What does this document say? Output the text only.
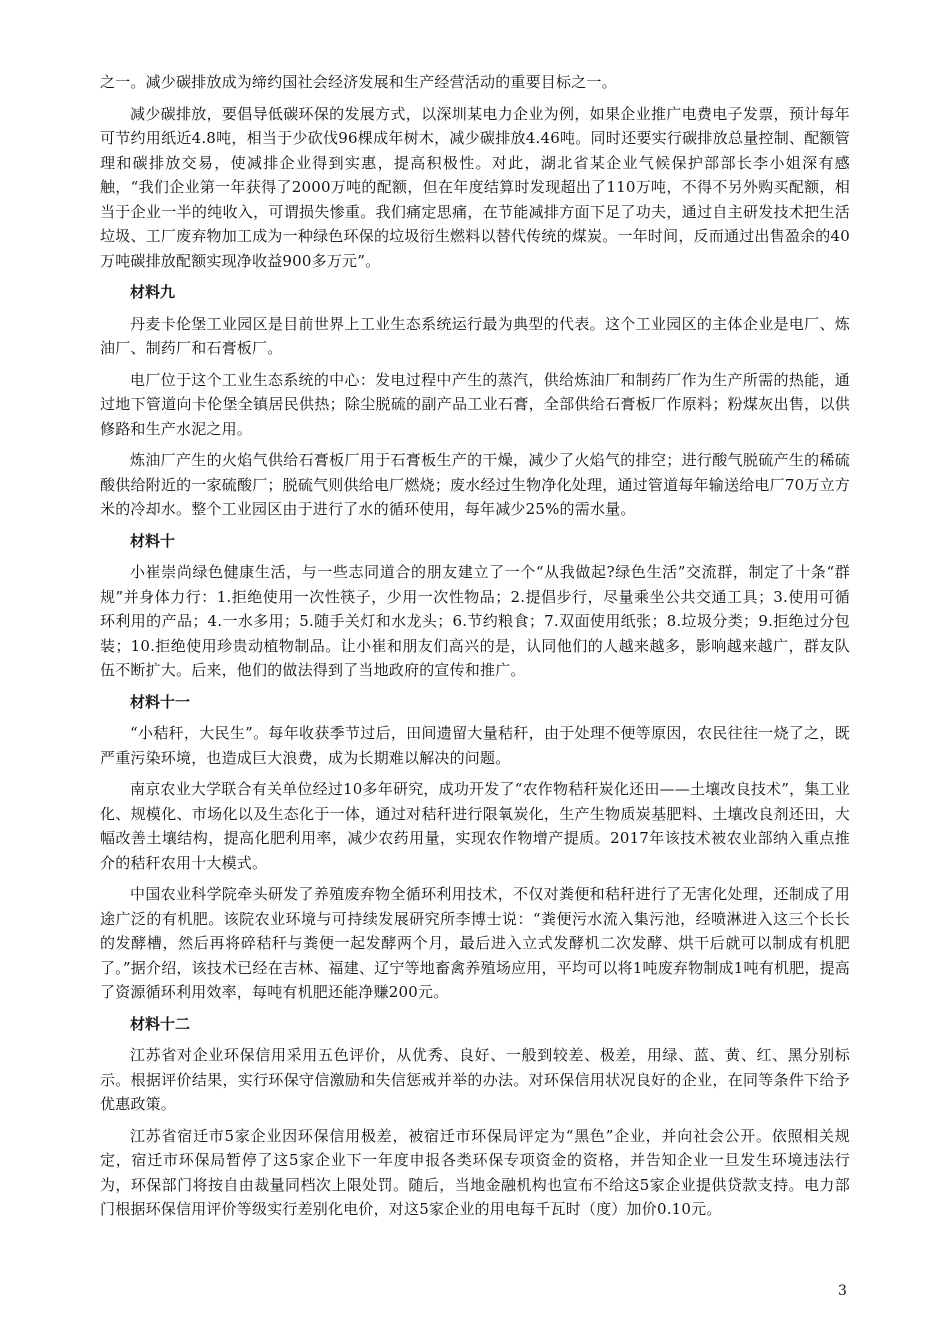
之一。减少碳排放成为缔约国社会经济发展和生产经营活动的重要目标之一。

减少碳排放，要倡导低碳环保的发展方式，以深圳某电力企业为例，如果企业推广电费电子发票，预计每年可节约用纸近4.8吨，相当于少砍伐96棵成年树木，减少碳排放4.46吨。同时还要实行碳排放总量控制、配额管理和碳排放交易，使减排企业得到实惠，提高积极性。对此，湖北省某企业气候保护部部长李小姐深有感触，“我们企业第一年获得了2000万吨的配额，但在年度结算时发现超出了110万吨，不得不另外购买配额，相当于企业一半的纯收入，可谓损失惨重。我们痛定思痛，在节能减排方面下足了功夫，通过自主研发技术把生活垃圾、工厂废弃物加工成为一种绿色环保的垃圾衍生燃料以替代传统的煤炭。一年时间，反而通过出售盈余的40万吨碳排放配额实现净收益900多万元”。

材料九

丹麦卡伦堡工业园区是目前世界上工业生态系统运行最为典型的代表。这个工业园区的主体企业是电厂、炼油厂、制药厂和石膏板厂。

电厂位于这个工业生态系统的中心：发电过程中产生的蒸汽，供给炼油厂和制药厂作为生产所需的热能，通过地下管道向卡伦堡全镇居民供热；除尘脱硫的副产品工业石膏，全部供给石膏板厂作原料；粉煤灰出售，以供修路和生产水泥之用。

炼油厂产生的火焰气供给石膏板厂用于石膏板生产的干燥，减少了火焰气的排空；进行酸气脱硫产生的稀硫酸供给附近的一家硫酸厂；脱硫气则供给电厂燃烧；废水经过生物净化处理，通过管道每年输送给电厂70万立方米的冷却水。整个工业园区由于进行了水的循环使用，每年减少25%的需水量。

材料十

小崔崇尚绿色健康生活，与一些志同道合的朋友建立了一个“从我做起?绿色生活”交流群，制定了十条“群规”并身体力行：1.拒绝使用一次性筷子，少用一次性物品；2.提倡步行，尽量乘坐公共交通工具；3.使用可循环利用的产品；4.一水多用；5.随手关灯和水龙头；6.节约粮食；7.双面使用纸张；8.垃圾分类；9.拒绝过分包装；10.拒绝使用珍贵动植物制品。让小崔和朋友们高兴的是，认同他们的人越来越多，影响越来越广，群友队伍不断扩大。后来，他们的做法得到了当地政府的宣传和推广。

材料十一

“小秸秆，大民生”。每年收获季节过后，田间遗留大量秸秆，由于处理不便等原因，农民往往一烧了之，既严重污染环境，也造成巨大浪费，成为长期难以解决的问题。

南京农业大学联合有关单位经过10多年研究，成功开发了“农作物秸秆炭化还田——土壤改良技术”，集工业化、规模化、市场化以及生态化于一体，通过对秸秆进行限氧炭化，生产生物质炭基肥料、土壤改良剂还田，大幅改善土壤结构，提高化肥利用率，减少农药用量，实现农作物增产提质。2017年该技术被农业部纳入重点推介的秸秆农用十大模式。

中国农业科学院牵头研发了养殖废弃物全循环利用技术，不仅对粪便和秸秆进行了无害化处理，还制成了用途广泛的有机肥。该院农业环境与可持续发展研究所李博士说：“粪便污水流入集污池，经喷淋进入这三个长长的发酵槽，然后再将碎秸秆与粪便一起发酵两个月，最后进入立式发酵机二次发酵、烘干后就可以制成有机肥了。”据介绍，该技术已经在吉林、福建、辽宁等地畜禽养殖场应用，平均可以将1吨废弃物制成1吨有机肥，提高了资源循环利用效率，每吨有机肥还能净赚200元。

材料十二

江苏省对企业环保信用采用五色评价，从优秀、良好、一般到较差、极差，用绿、蓝、黄、红、黑分别标示。根据评价结果，实行环保守信激励和失信惩戒并举的办法。对环保信用状况良好的企业，在同等条件下给予优惠政策。

江苏省宿迁市5家企业因环保信用极差，被宿迁市环保局评定为“黑色”企业，并向社会公开。依照相关规定，宿迁市环保局暂停了这5家企业下一年度申报各类环保专项资金的资格，并告知企业一旦发生环境违法行为，环保部门将按自由裁量同档次上限处罚。随后，当地金融机构也宣布不给这5家企业提供贷款支持。电力部门根据环保信用评价等级实行差别化电价，对这5家企业的用电每千瓦时（度）加价0.10元。

3
